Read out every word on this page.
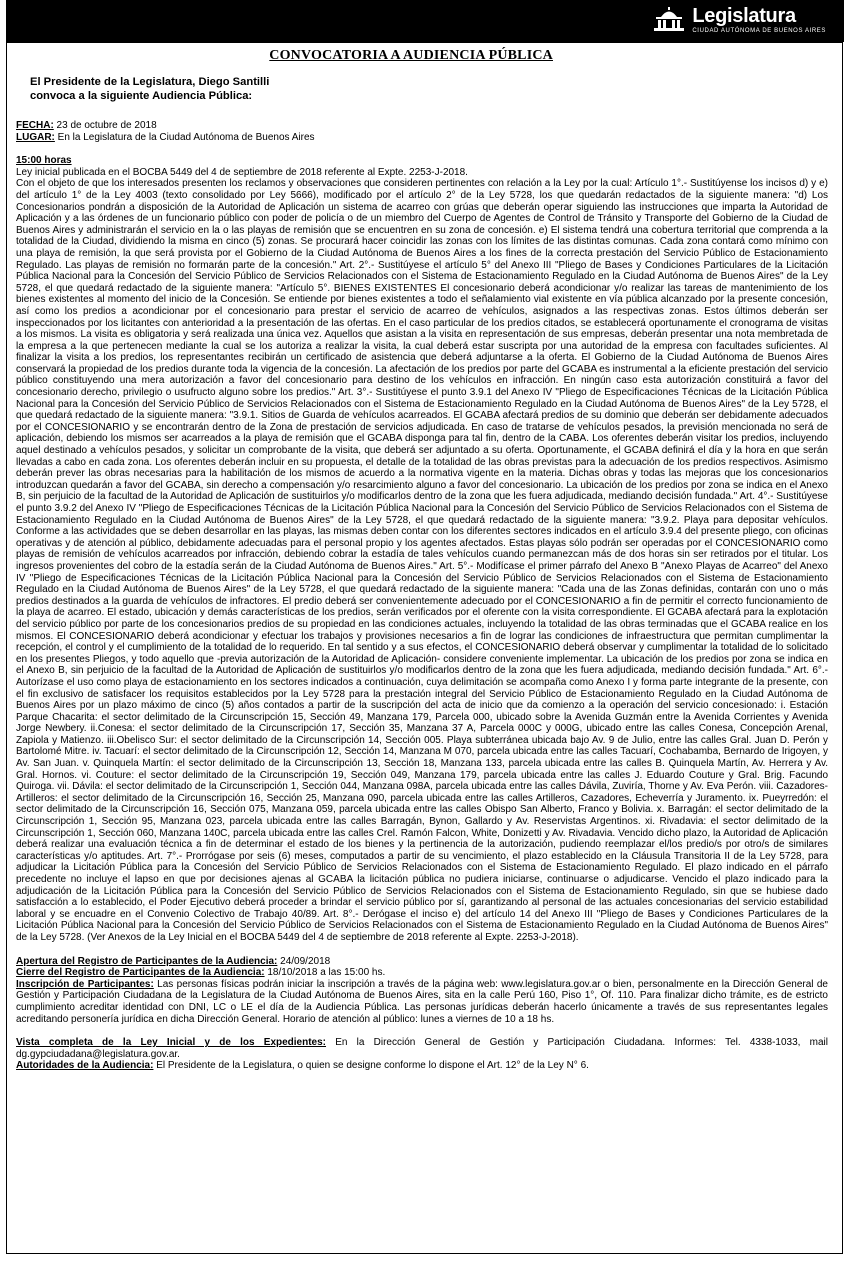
Legislatura
CIUDAD AUTÓNOMA DE BUENOS AIRES
CONVOCATORIA A AUDIENCIA PÚBLICA
El Presidente de la Legislatura, Diego Santilli
convoca a la siguiente Audiencia Pública:

FECHA: 23 de octubre de 2018

LUGAR: En la Legislatura de la Ciudad Autónoma de Buenos Aires

15:00 horas

Ley inicial publicada en el BOCBA 5449 del 4 de septiembre de 2018 referente al Expte. 2253-J-2018.

Con el objeto de que los interesados presenten los reclamos y observaciones que consideren pertinentes con relación a la Ley por la cual: Artículo 1°.- Sustitúyense los incisos d) y e) del artículo 1° de la Ley 4003 (texto consolidado por Ley 5666), modificado por el artículo 2° de la Ley 5728, los que quedarán redactados de la siguiente manera: "d) Los Concesionarios pondrán a disposición de la Autoridad de Aplicación un sistema de acarreo con grúas que deberán operar siguiendo las instrucciones que imparta la Autoridad de Aplicación y a las órdenes de un funcionario público con poder de policía o de un miembro del Cuerpo de Agentes de Control de Tránsito y Transporte del Gobierno de la Ciudad de Buenos Aires y administrarán el servicio en la o las playas de remisión que se encuentren en su zona de concesión. e) El sistema tendrá una cobertura territorial que comprenda a la totalidad de la Ciudad, dividiendo la misma en cinco (5) zonas. Se procurará hacer coincidir las zonas con los límites de las distintas comunas. Cada zona contará como mínimo con una playa de remisión, la que será provista por el Gobierno de la Ciudad Autónoma de Buenos Aires a los fines de la correcta prestación del Servicio Público de Estacionamiento Regulado. Las playas de remisión no formarán parte de la concesión." Art. 2°.- Sustitúyese el artículo 5° del Anexo III "Pliego de Bases y Condiciones Particulares de la Licitación Pública Nacional para la Concesión del Servicio Público de Servicios Relacionados con el Sistema de Estacionamiento Regulado en la Ciudad Autónoma de Buenos Aires" de la Ley 5728, el que quedará redactado de la siguiente manera: "Artículo 5°. BIENES EXISTENTES El concesionario deberá acondicionar y/o realizar las tareas de mantenimiento de los bienes existentes al momento del inicio de la Concesión. Se entiende por bienes existentes a todo el señalamiento vial existente en vía pública alcanzado por la presente concesión, así como los predios a acondicionar por el concesionario para prestar el servicio de acarreo de vehículos, asignados a las respectivas zonas. Estos últimos deberán ser inspeccionados por los licitantes con anterioridad a la presentación de las ofertas. En el caso particular de los predios citados, se establecerá oportunamente el cronograma de visitas a los mismos. La visita es obligatoria y será realizada una única vez. Aquellos que asistan a la visita en representación de sus empresas, deberán presentar una nota membretada de la empresa a la que pertenecen mediante la cual se los autoriza a realizar la visita, la cual deberá estar suscripta por una autoridad de la empresa con facultades suficientes. Al finalizar la visita a los predios, los representantes recibirán un certificado de asistencia que deberá adjuntarse a la oferta. El Gobierno de la Ciudad Autónoma de Buenos Aires conservará la propiedad de los predios durante toda la vigencia de la concesión. La afectación de los predios por parte del GCABA es instrumental a la eficiente prestación del servicio público constituyendo una mera autorización a favor del concesionario para destino de los vehículos en infracción. En ningún caso esta autorización constituirá a favor del concesionario derecho, privilegio o usufructo alguno sobre los predios." Art. 3°.- Sustitúyese el punto 3.9.1 del Anexo IV "Pliego de Especificaciones Técnicas de la Licitación Pública Nacional para la Concesión del Servicio Público de Servicios Relacionados con el Sistema de Estacionamiento Regulado en la Ciudad Autónoma de Buenos Aires" de la Ley 5728, el que quedará redactado de la siguiente manera: "3.9.1. Sitios de Guarda de vehículos acarreados. El GCABA afectará predios de su dominio que deberán ser debidamente adecuados por el CONCESIONARIO y se encontrarán dentro de la Zona de prestación de servicios adjudicada. En caso de tratarse de vehículos pesados, la previsión mencionada no será de aplicación, debiendo los mismos ser acarreados a la playa de remisión que el GCABA disponga para tal fin, dentro de la CABA. Los oferentes deberán visitar los predios, incluyendo aquel destinado a vehículos pesados, y solicitar un comprobante de la visita, que deberá ser adjuntado a su oferta. Oportunamente, el GCABA definirá el día y la hora en que serán llevadas a cabo en cada zona. Los oferentes deberán incluir en su propuesta, el detalle de la totalidad de las obras previstas para la adecuación de los predios respectivos. Asimismo deberán prever las obras necesarias para la habilitación de los mismos de acuerdo a la normativa vigente en la materia. Dichas obras y todas las mejoras que los concesionarios introduzcan quedarán a favor del GCABA, sin derecho a compensación y/o resarcimiento alguno a favor del concesionario. La ubicación de los predios por zona se indica en el Anexo B, sin perjuicio de la facultad de la Autoridad de Aplicación de sustituirlos y/o modificarlos dentro de la zona que les fuera adjudicada, mediando decisión fundada." Art. 4°.- Sustitúyese el punto 3.9.2 del Anexo IV "Pliego de Especificaciones Técnicas de la Licitación Pública Nacional para la Concesión del Servicio Público de Servicios Relacionados con el Sistema de Estacionamiento Regulado en la Ciudad Autónoma de Buenos Aires" de la Ley 5728, el que quedará redactado de la siguiente manera: "3.9.2. Playa para depositar vehículos. Conforme a las actividades que se deben desarrollar en las playas, las mismas deben contar con los diferentes sectores indicados en el artículo 3.9.4 del presente pliego, con oficinas operativas y de atención al público, debidamente adecuadas para el personal propio y los agentes afectados. Estas playas sólo podrán ser operadas por el CONCESIONARIO como playas de remisión de vehículos acarreados por infracción, debiendo cobrar la estadía de tales vehículos cuando permanezcan más de dos horas sin ser retirados por el titular. Los ingresos provenientes del cobro de la estadía serán de la Ciudad Autónoma de Buenos Aires." Art. 5°.- Modifícase el primer párrafo del Anexo B "Anexo Playas de Acarreo" del Anexo IV "Pliego de Especificaciones Técnicas de la Licitación Pública Nacional para la Concesión del Servicio Público de Servicios Relacionados con el Sistema de Estacionamiento Regulado en la Ciudad Autónoma de Buenos Aires" de la Ley 5728, el que quedará redactado de la siguiente manera: "Cada una de las Zonas definidas, contarán con uno o más predios destinados a la guarda de vehículos de infractores. El predio deberá ser convenientemente adecuado por el CONCESIONARIO a fin de permitir el correcto funcionamiento de la playa de acarreo. El estado, ubicación y demás características de los predios, serán verificados por el oferente con la visita correspondiente. El GCABA afectará para la explotación del servicio público por parte de los concesionarios predios de su propiedad en las condiciones actuales, incluyendo la totalidad de las obras terminadas que el GCABA realice en los mismos. El CONCESIONARIO deberá acondicionar y efectuar los trabajos y provisiones necesarios a fin de lograr las condiciones de infraestructura que permitan cumplimentar la recepción, el control y el cumplimiento de la totalidad de lo requerido. En tal sentido y a sus efectos, el CONCESIONARIO deberá observar y cumplimentar la totalidad de lo solicitado en los presentes Pliegos, y todo aquello que -previa autorización de la Autoridad de Aplicación- considere conveniente implementar. La ubicación de los predios por zona se indica en el Anexo B, sin perjuicio de la facultad de la Autoridad de Aplicación de sustituirlos y/o modificarlos dentro de la zona que les fuera adjudicada, mediando decisión fundada." Art. 6°.- Autorízase el uso como playa de estacionamiento en los sectores indicados a continuación, cuya delimitación se acompaña como Anexo I y forma parte integrante de la presente, con el fin exclusivo de satisfacer los requisitos establecidos por la Ley 5728 para la prestación integral del Servicio Público de Estacionamiento Regulado en la Ciudad Autónoma de Buenos Aires por un plazo máximo de cinco (5) años contados a partir de la suscripción del acta de inicio que da comienzo a la operación del servicio concesionado: i. Estación Parque Chacarita: el sector delimitado de la Circunscripción 15, Sección 49, Manzana 179, Parcela 000, ubicado sobre la Avenida Guzmán entre la Avenida Corrientes y Avenida Jorge Newbery. ii.Conesa: el sector delimitado de la Circunscripción 17, Sección 35, Manzana 37 A, Parcela 000C y 000G, ubicado entre las calles Conesa, Concepción Arenal, Zapiola y Matienzo. iii.Obelisco Sur: el sector delimitado de la Circunscripción 14, Sección 005. Playa subterránea ubicada bajo Av. 9 de Julio, entre las calles Gral. Juan D. Perón y Bartolomé Mitre. iv. Tacuarí: el sector delimitado de la Circunscripción 12, Sección 14, Manzana M 070, parcela ubicada entre las calles Tacuarí, Cochabamba, Bernardo de Irigoyen, y Av. San Juan. v. Quinquela Martín: el sector delimitado de la Circunscripción 13, Sección 18, Manzana 133, parcela ubicada entre las calles B. Quinquela Martín, Av. Herrera y Av. Gral. Hornos. vi. Couture: el sector delimitado de la Circunscripción 19, Sección 049, Manzana 179, parcela ubicada entre las calles J. Eduardo Couture y Gral. Brig. Facundo Quiroga. vii. Dávila: el sector delimitado de la Circunscripción 1, Sección 044, Manzana 098A, parcela ubicada entre las calles Dávila, Zuviría, Thorne y Av. Eva Perón. viii. Cazadores-Artilleros: el sector delimitado de la Circunscripción 16, Sección 25, Manzana 090, parcela ubicada entre las calles Artilleros, Cazadores, Echeverría y Juramento. ix. Pueyrredón: el sector delimitado de la Circunscripción 16, Sección 075, Manzana 059, parcela ubicada entre las calles Obispo San Alberto, Franco y Bolivia. x. Barragán: el sector delimitado de la Circunscripción 1, Sección 95, Manzana 023, parcela ubicada entre las calles Barragán, Bynon, Gallardo y Av. Reservistas Argentinos. xi. Rivadavia: el sector delimitado de la Circunscripción 1, Sección 060, Manzana 140C, parcela ubicada entre las calles Crel. Ramón Falcon, White, Donizetti y Av. Rivadavia. Vencido dicho plazo, la Autoridad de Aplicación deberá realizar una evaluación técnica a fin de determinar el estado de los bienes y la pertinencia de la autorización, pudiendo reemplazar el/los predio/s por otro/s de similares características y/o aptitudes. Art. 7°.- Prorrógase por seis (6) meses, computados a partir de su vencimiento, el plazo establecido en la Cláusula Transitoria II de la Ley 5728, para adjudicar la Licitación Pública para la Concesión del Servicio Público de Servicios Relacionados con el Sistema de Estacionamiento Regulado. El plazo indicado en el párrafo precedente no incluye el lapso en que por decisiones ajenas al GCABA la licitación pública no pudiera iniciarse, continuarse o adjudicarse. Vencido el plazo indicado para la adjudicación de la Licitación Pública para la Concesión del Servicio Público de Servicios Relacionados con el Sistema de Estacionamiento Regulado, sin que se hubiese dado satisfacción a lo establecido, el Poder Ejecutivo deberá proceder a brindar el servicio público por sí, garantizando al personal de las actuales concesionarias del servicio estabilidad laboral y se encuadre en el Convenio Colectivo de Trabajo 40/89. Art. 8°.- Derógase el inciso e) del artículo 14 del Anexo III "Pliego de Bases y Condiciones Particulares de la Licitación Pública Nacional para la Concesión del Servicio Público de Servicios Relacionados con el Sistema de Estacionamiento Regulado en la Ciudad Autónoma de Buenos Aires" de la Ley 5728. (Ver Anexos de la Ley Inicial en el BOCBA 5449 del 4 de septiembre de 2018 referente al Expte. 2253-J-2018).

Apertura del Registro de Participantes de la Audiencia: 24/09/2018

Cierre del Registro de Participantes de la Audiencia: 18/10/2018 a las 15:00 hs.

Inscripción de Participantes: Las personas físicas podrán iniciar la inscripción a través de la página web: www.legislatura.gov.ar o bien, personalmente en la Dirección General de Gestión y Participación Ciudadana de la Legislatura de la Ciudad Autónoma de Buenos Aires, sita en la calle Perú 160, Piso 1°, Of. 110. Para finalizar dicho trámite, es de estricto cumplimiento acreditar identidad con DNI, LC o LE el día de la Audiencia Pública. Las personas jurídicas deberán hacerlo únicamente a través de sus representantes legales acreditando personería jurídica en dicha Dirección General. Horario de atención al público: lunes a viernes de 10 a 18 hs.

Vista completa de la Ley Inicial y de los Expedientes: En la Dirección General de Gestión y Participación Ciudadana. Informes: Tel. 4338-1033, mail dg.gypciudadana@legislatura.gov.ar.

Autoridades de la Audiencia: El Presidente de la Legislatura, o quien se designe conforme lo dispone el Art. 12° de la Ley N° 6.
